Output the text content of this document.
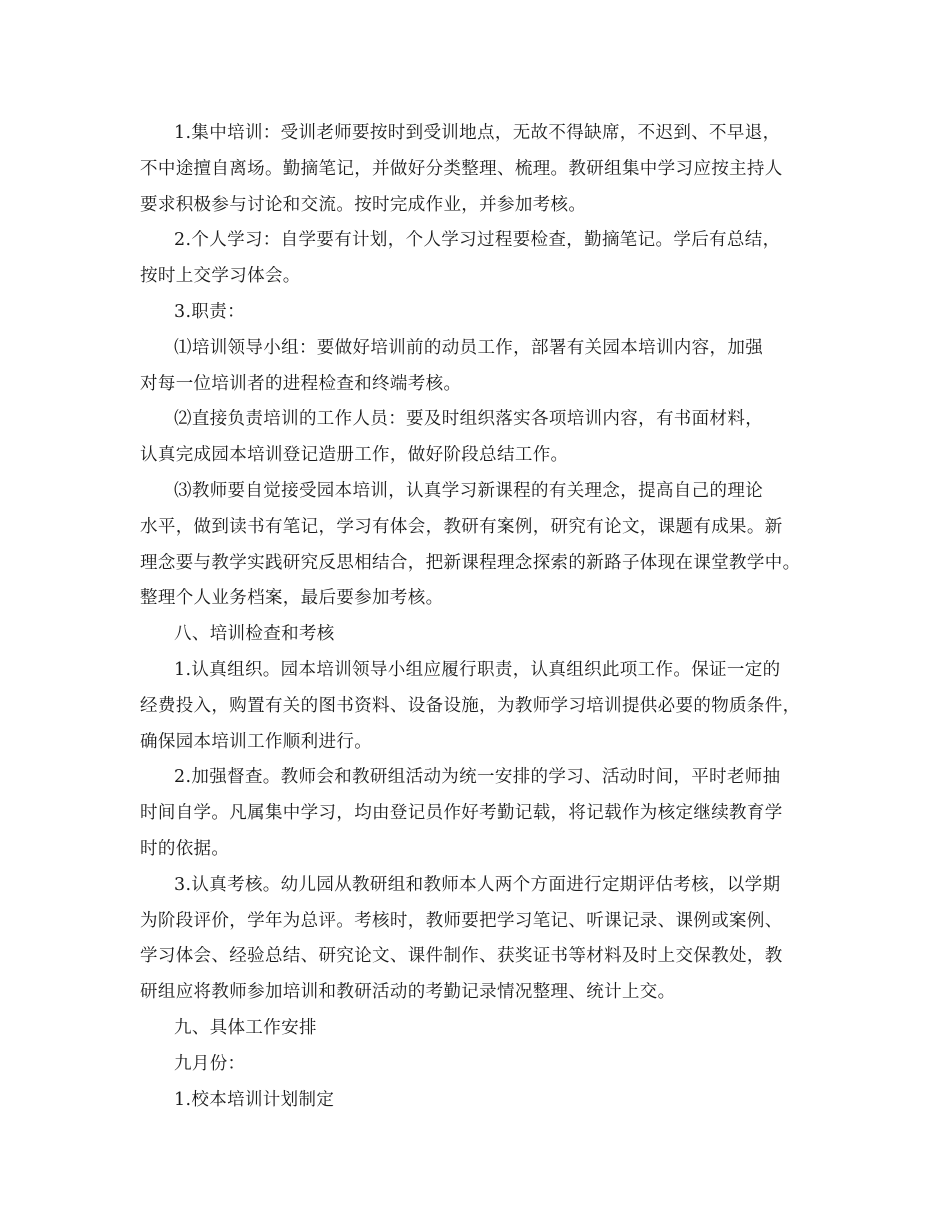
1.集中培训：受训老师要按时到受训地点，无故不得缺席，不迟到、不早退，
不中途擅自离场。勤摘笔记，并做好分类整理、梳理。教研组集中学习应按主持人
要求积极参与讨论和交流。按时完成作业，并参加考核。

2.个人学习：自学要有计划，个人学习过程要检查，勤摘笔记。学后有总结，
按时上交学习体会。

3.职责：

⑴培训领导小组：要做好培训前的动员工作，部署有关园本培训内容，加强
对每一位培训者的进程检查和终端考核。

⑵直接负责培训的工作人员：要及时组织落实各项培训内容，有书面材料，
认真完成园本培训登记造册工作，做好阶段总结工作。

⑶教师要自觉接受园本培训，认真学习新课程的有关理念，提高自己的理论
水平，做到读书有笔记，学习有体会，教研有案例，研究有论文，课题有成果。新
理念要与教学实践研究反思相结合，把新课程理念探索的新路子体现在课堂教学中。
整理个人业务档案，最后要参加考核。

八、培训检查和考核

1.认真组织。园本培训领导小组应履行职责，认真组织此项工作。保证一定的
经费投入，购置有关的图书资料、设备设施，为教师学习培训提供必要的物质条件，
确保园本培训工作顺利进行。

2.加强督查。教师会和教研组活动为统一安排的学习、活动时间，平时老师抽
时间自学。凡属集中学习，均由登记员作好考勤记载，将记载作为核定继续教育学
时的依据。

3.认真考核。幼儿园从教研组和教师本人两个方面进行定期评估考核，以学期
为阶段评价，学年为总评。考核时，教师要把学习笔记、听课记录、课例或案例、
学习体会、经验总结、研究论文、课件制作、获奖证书等材料及时上交保教处，教
研组应将教师参加培训和教研活动的考勤记录情况整理、统计上交。

九、具体工作安排

九月份：

1.校本培训计划制定
